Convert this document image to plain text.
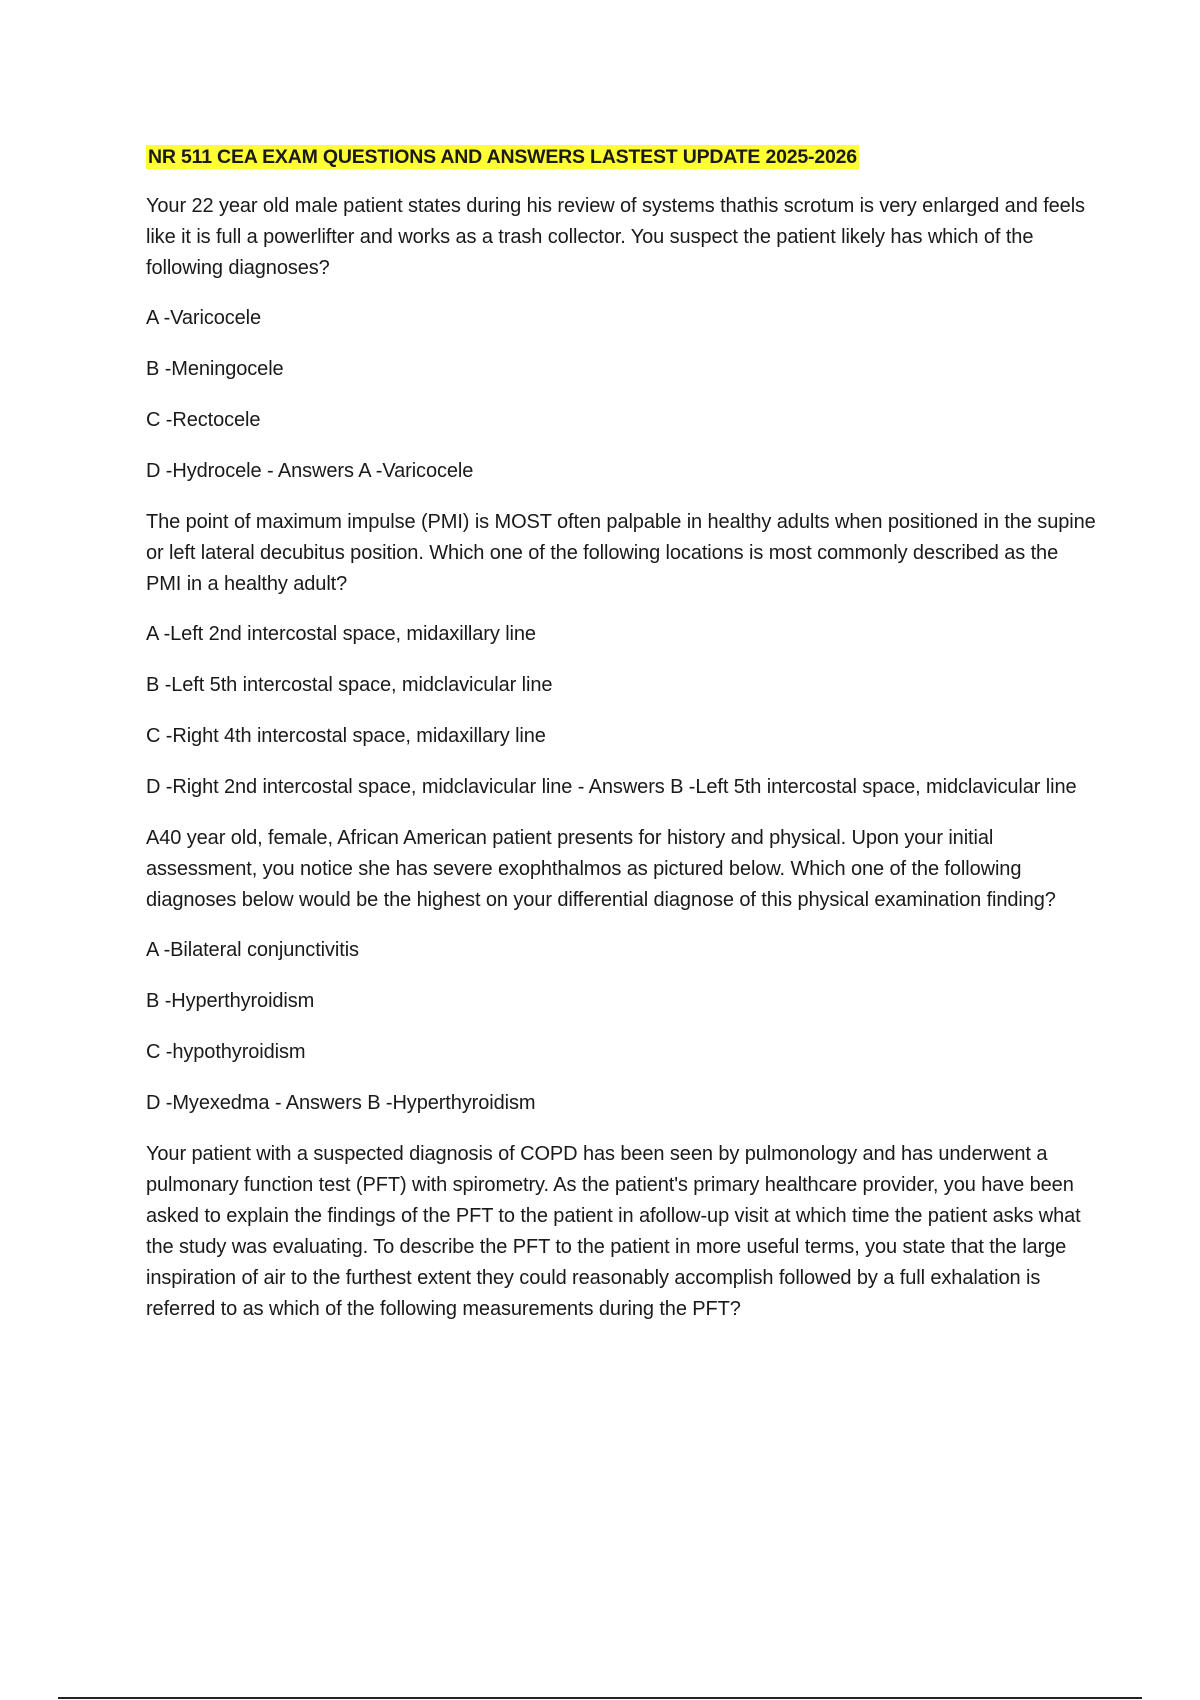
NR 511 CEA EXAM QUESTIONS AND ANSWERS LASTEST UPDATE 2025-2026

Your 22 year old male patient states during his review of systems thathis scrotum is very enlarged and feels like it is full a powerlifter and works as a trash collector. You suspect the patient likely has which of the following diagnoses?

A -Varicocele

B -Meningocele

C -Rectocele

D -Hydrocele - Answers A -Varicocele

The point of maximum impulse (PMI) is MOST often palpable in healthy adults when positioned in the supine or left lateral decubitus position. Which one of the following locations is most commonly described as the PMI in a healthy adult?

A -Left 2nd intercostal space, midaxillary line

B -Left 5th intercostal space, midclavicular line

C -Right 4th intercostal space, midaxillary line

D -Right 2nd intercostal space, midclavicular line - Answers B -Left 5th intercostal space, midclavicular line

A40 year old, female, African American patient presents for history and physical. Upon your initial assessment, you notice she has severe exophthalmos as pictured below. Which one of the following diagnoses below would be the highest on your differential diagnose of this physical examination finding?

A -Bilateral conjunctivitis

B -Hyperthyroidism

C -hypothyroidism

D -Myexedma - Answers B -Hyperthyroidism

Your patient with a suspected diagnosis of COPD has been seen by pulmonology and has underwent a pulmonary function test (PFT) with spirometry. As the patient's primary healthcare provider, you have been asked to explain the findings of the PFT to the patient in afollow-up visit at which time the patient asks what the study was evaluating. To describe the PFT to the patient in more useful terms, you state that the large inspiration of air to the furthest extent they could reasonably accomplish followed by a full exhalation is referred to as which of the following measurements during the PFT?
